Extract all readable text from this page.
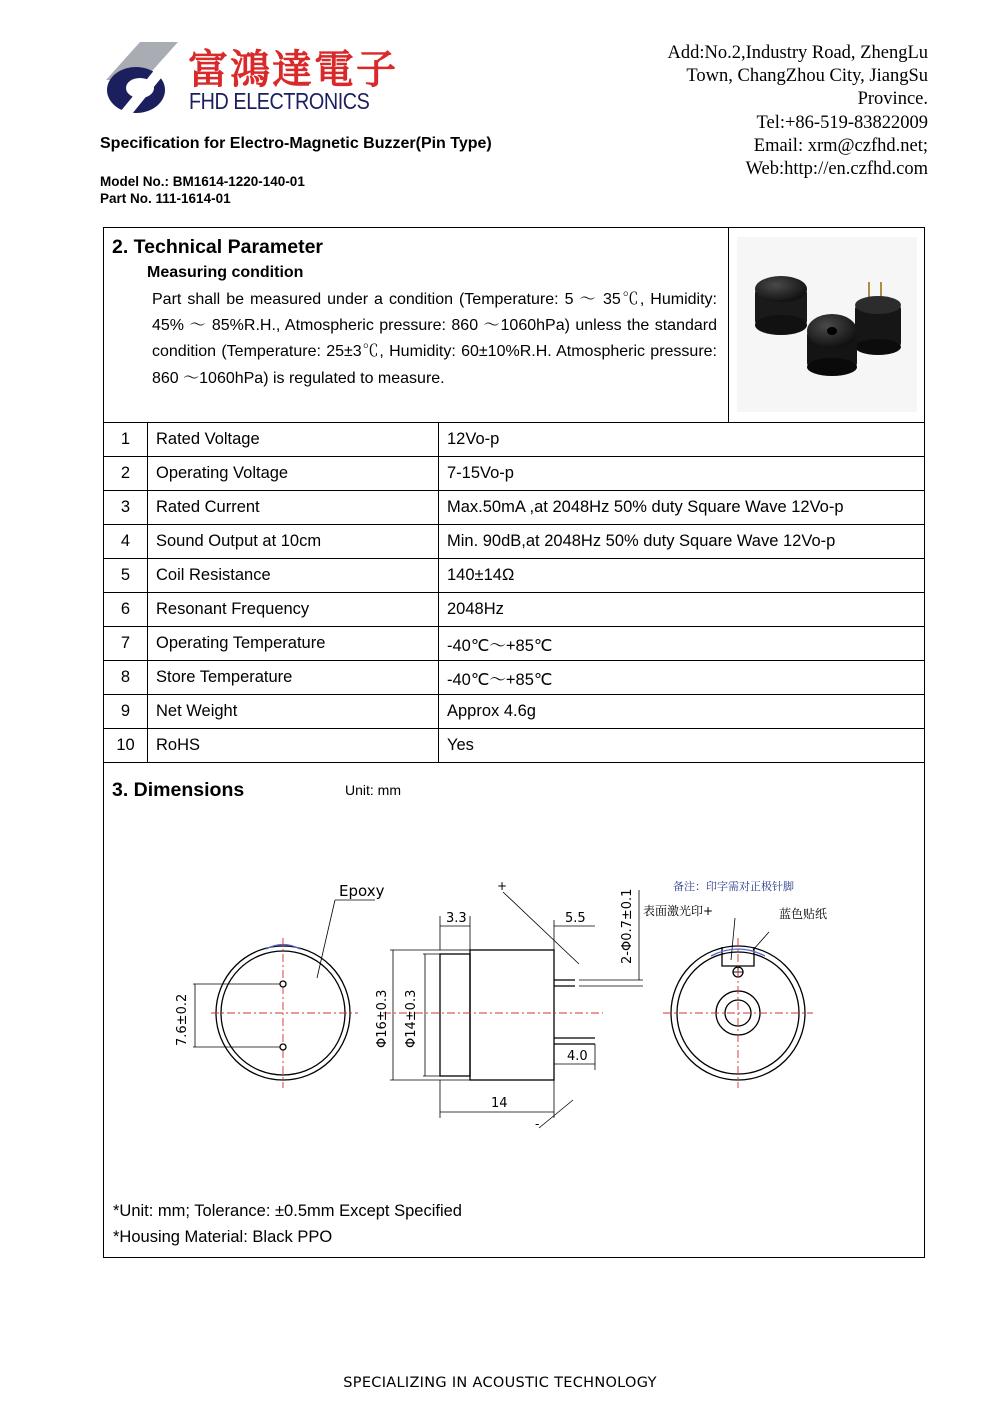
富鴻達電子
FHD ELECTRONICS
Add:No.2,Industry Road, ZhengLu
Town, ChangZhou City, JiangSu
Province.
Tel:+86-519-83822009
Email: xrm@czfhd.net;
Web:http://en.czfhd.com
Specification for Electro-Magnetic Buzzer(Pin Type)
Model No.: BM1614-1220-140-01
Part No. 111-1614-01
2. Technical Parameter
Measuring condition
Part shall be measured under a condition (Temperature: 5 ～ 35℃, Humidity: 45% ～ 85%R.H., Atmospheric pressure: 860 ～1060hPa) unless the standard condition (Temperature: 25±3℃, Humidity: 60±10%R.H. Atmospheric pressure: 860 ～1060hPa) is regulated to measure.
1	Rated Voltage	12Vo-p
2	Operating Voltage	7-15Vo-p
3	Rated Current	Max.50mA ,at 2048Hz 50% duty Square Wave 12Vo-p
4	Sound Output at 10cm	Min. 90dB,at 2048Hz 50% duty Square Wave 12Vo-p
5	Coil Resistance	140±14Ω
6	Resonant Frequency	2048Hz
7	Operating Temperature	-40℃～+85℃
8	Store Temperature	-40℃～+85℃
9	Net Weight	Approx 4.6g
10	RoHS	Yes
3. Dimensions	Unit: mm
7.6±0.2
Epoxy
Φ16±0.3 Φ14±0.3
3.3	5.5	2-Φ0.7±0.1
4.0
14
+
-
备注：印字需对正极针脚
表面激光印+	蓝色贴纸
*Unit: mm; Tolerance: ±0.5mm Except Specified
*Housing Material: Black PPO
SPECIALIZING IN ACOUSTIC TECHNOLOGY
